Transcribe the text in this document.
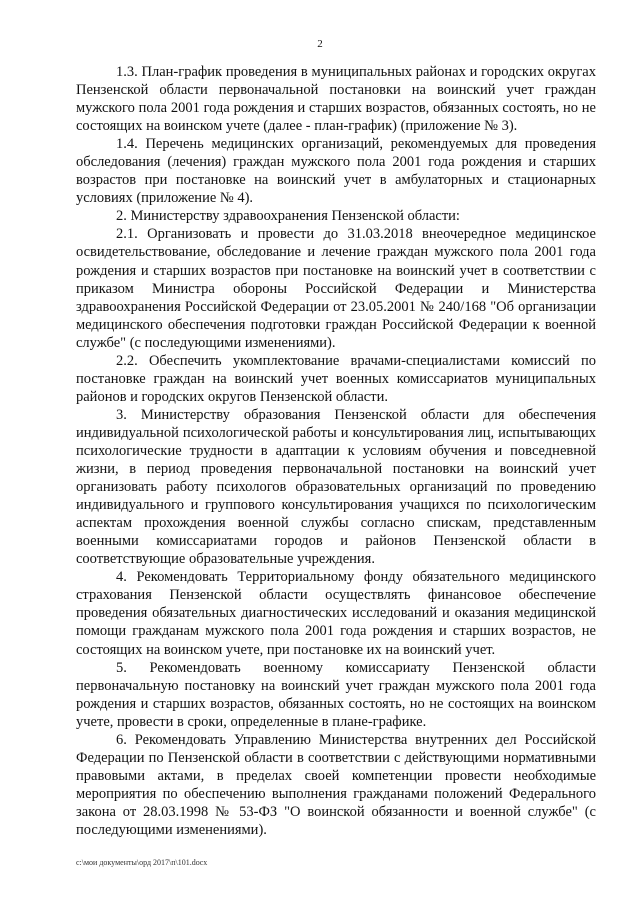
2

1.3. План-график проведения в муниципальных районах и городских округах Пензенской области первоначальной постановки на воинский учет граждан мужского пола 2001 года рождения и старших возрастов, обязанных состоять, но не состоящих на воинском учете (далее - план-график) (приложение № 3).

1.4. Перечень медицинских организаций, рекомендуемых для проведения обследования (лечения) граждан мужского пола 2001 года рождения и старших возрастов при постановке на воинский учет в амбулаторных и стационарных условиях (приложение № 4).

2. Министерству здравоохранения Пензенской области:

2.1. Организовать и провести до 31.03.2018 внеочередное медицинское освидетельствование, обследование и лечение граждан мужского пола 2001 года рождения и старших возрастов при постановке на воинский учет в соответствии с приказом Министра обороны Российской Федерации и Министерства здравоохранения Российской Федерации от 23.05.2001 № 240/168 "Об организации медицинского обеспечения подготовки граждан Российской Федерации к военной службе" (с последующими изменениями).

2.2. Обеспечить укомплектование врачами-специалистами комиссий по постановке граждан на воинский учет военных комиссариатов муниципальных районов и городских округов Пензенской области.

3. Министерству образования Пензенской области для обеспечения индивидуальной психологической работы и консультирования лиц, испытывающих психологические трудности в адаптации к условиям обучения и повседневной жизни, в период проведения первоначальной постановки на воинский учет организовать работу психологов образовательных организаций по проведению индивидуального и группового консультирования учащихся по психологическим аспектам прохождения военной службы согласно спискам, представленным военными комиссариатами городов и районов Пензенской области в соответствующие образовательные учреждения.

4. Рекомендовать Территориальному фонду обязательного медицинского страхования Пензенской области осуществлять финансовое обеспечение проведения обязательных диагностических исследований и оказания медицинской помощи гражданам мужского пола 2001 года рождения и старших возрастов, не состоящих на воинском учете, при постановке их на воинский учет.

5. Рекомендовать военному комиссариату Пензенской области первоначальную постановку на воинский учет граждан мужского пола 2001 года рождения и старших возрастов, обязанных состоять, но не состоящих на воинском учете, провести в сроки, определенные в плане-графике.

6. Рекомендовать Управлению Министерства внутренних дел Российской Федерации по Пензенской области в соответствии с действующими нормативными правовыми актами, в пределах своей компетенции провести необходимые мероприятия по обеспечению выполнения гражданами положений Федерального закона от 28.03.1998 № 53-ФЗ "О воинской обязанности и военной службе" (с последующими изменениями).

c:\мои документы\орд 2017\п\101.docx
